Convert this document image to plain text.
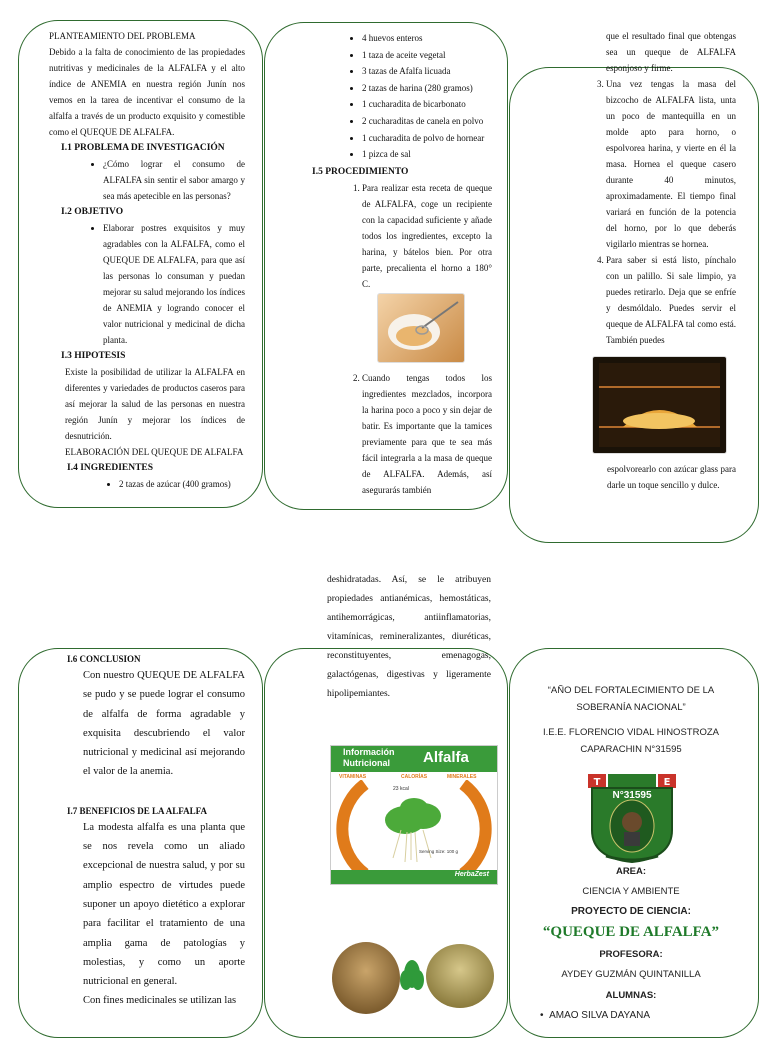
PLANTEAMIENTO DEL PROBLEMA
Debido a la falta de conocimiento de las propiedades nutritivas y medicinales de la ALFALFA y el alto índice de ANEMIA en nuestra región Junín nos vemos en la tarea de incentivar el consumo de la alfalfa a través de un producto exquisito y comestible como el QUEQUE DE ALFALFA.
I.1 PROBLEMA DE INVESTIGACIÓN
• ¿Cómo lograr el consumo de ALFALFA sin sentir el sabor amargo y sea más apetecible en las personas?
I.2 OBJETIVO
• Elaborar postres exquisitos y muy agradables con la ALFALFA, como el QUEQUE DE ALFALFA, para que así las personas lo consuman y puedan mejorar su salud mejorando los índices de ANEMIA y logrando conocer el valor nutricional y medicinal de dicha planta.
I.3 HIPOTESIS
Existe la posibilidad de utilizar la ALFALFA en diferentes y variedades de productos caseros para así mejorar la salud de las personas en nuestra región Junín y mejorar los índices de desnutrición.
ELABORACIÓN DEL QUEQUE DE ALFALFA
I.4 INGREDIENTES
• 2 tazas de azúcar (400 gramos)
• 4 huevos enteros
• 1 taza de aceite vegetal
• 3 tazas de Afalfa licuada
• 2 tazas de harina (280 gramos)
• 1 cucharadita de bicarbonato
• 2 cucharaditas de canela en polvo
• 1 cucharadita de polvo de hornear
• 1 pizca de sal
I.5 PROCEDIMIENTO
1. Para realizar esta receta de queque de ALFALFA, coge un recipiente con la capacidad suficiente y añade todos los ingredientes, excepto la harina, y bátelos bien. Por otra parte, precalienta el horno a 180° C.
2. Cuando tengas todos los ingredientes mezclados, incorpora la harina poco a poco y sin dejar de batir. Es importante que la tamices previamente para que te sea más fácil integrarla a la masa de queque de ALFALFA. Además, así asegurarás también
que el resultado final que obtengas sea un queque de ALFALFA esponjoso y firme.
3. Una vez tengas la masa del bizcocho de ALFALFA lista, unta un poco de mantequilla en un molde apto para horno, o espolvorea harina, y vierte en él la masa. Hornea el queque casero durante 40 minutos, aproximadamente. El tiempo final variará en función de la potencia del horno, por lo que deberás vigilarlo mientras se hornea.
4. Para saber si está listo, pínchalo con un palillo. Si sale limpio, ya puedes retirarlo. Deja que se enfríe y desmóldalo. Puedes servir el queque de ALFALFA tal como está. También puedes
espolvorearlo con azúcar glass para darle un toque sencillo y dulce.
I.6 CONCLUSION
Con nuestro QUEQUE DE ALFALFA se pudo y se puede lograr el consumo de alfalfa de forma agradable y exquisita descubriendo el valor nutricional y medicinal así mejorando el valor de la anemia.
I.7 BENEFICIOS DE LA ALFALFA
La modesta alfalfa es una planta que se nos revela como un aliado excepcional de nuestra salud, y por su amplio espectro de virtudes puede suponer un apoyo dietético a explorar para facilitar el tratamiento de una amplia gama de patologías y molestias, y como un aporte nutricional en general.
Con fines medicinales se utilizan las
deshidratadas. Así, se le atribuyen propiedades antianémicas, hemostáticas, antihemorrágicas, antiinflamatorias, vitamínicas, remineralizantes, diuréticas, reconstituyentes, emenagogas, galactógenas, digestivas y ligeramente hipolipemiantes.
Información
Nutricional	Alfalfa
VITAMINAS	CALORÍAS	MINERALES
23 kcal
Serving Size: 100 g
HerbaZest
“AÑO DEL FORTALECIMIENTO DE LA SOBERANÍA NACIONAL”
I.E.E. FLORENCIO VIDAL HINOSTROZA CAPARACHIN N°31595
T	E
N°31595
AREA:
CIENCIA Y AMBIENTE
PROYECTO DE CIENCIA:
“QUEQUE DE ALFALFA”
PROFESORA:
AYDEY GUZMÁN QUINTANILLA
ALUMNAS:
•  AMAO SILVA DAYANA
